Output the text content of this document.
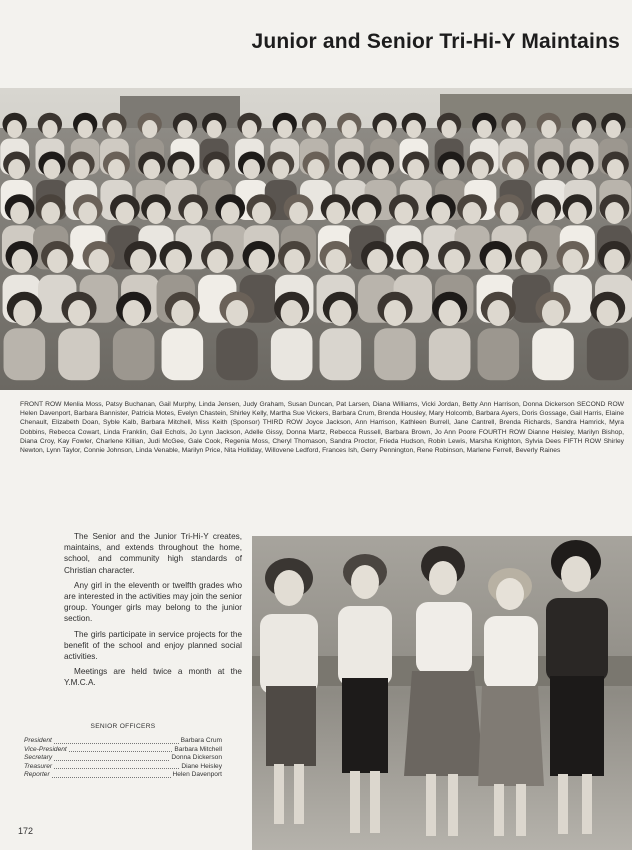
Junior and Senior Tri-Hi-Y Maintains

FRONT ROW Menlia Moss, Patsy Buchanan, Gail Murphy, Linda Jensen, Judy Graham, Susan Duncan, Pat Larsen, Diana Williams, Vicki Jordan, Betty Ann Harrison, Donna Dickerson SECOND ROW Helen Davenport, Barbara Bannister, Patricia Motes, Evelyn Chastein, Shirley Kelly, Martha Sue Vickers, Barbara Crum, Brenda Housley, Mary Holcomb, Barbara Ayers, Doris Gossage, Gail Harris, Elaine Chenault, Elizabeth Doan, Syble Kalb, Barbara Mitchell, Miss Keith (Sponsor) THIRD ROW Joyce Jackson, Ann Harrison, Kathleen Burrell, Jane Cantrell, Brenda Richards, Sandra Hamrick, Myra Dobbins, Rebecca Cowart, Linda Franklin, Gail Echols, Jo Lynn Jackson, Adelle Gissy, Donna Martz, Rebecca Russell, Barbara Brown, Jo Ann Poore FOURTH ROW Dianne Heisley, Marilyn Bishop, Diana Croy, Kay Fowler, Charlene Killian, Judi McGee, Gale Cook, Regenia Moss, Cheryl Thomason, Sandra Proctor, Frieda Hudson, Robin Lewis, Marsha Knighton, Sylvia Dees FIFTH ROW Shirley Newton, Lynn Taylor, Connie Johnson, Linda Venable, Marilyn Price, Nita Holliday, Willovene Ledford, Frances Ish, Gerry Pennington, Rene Robinson, Marlene Ferrell, Beverly Raines

The Senior and the Junior Tri-Hi-Y creates, maintains, and extends throughout the home, school, and community high standards of Christian character.

Any girl in the eleventh or twelfth grades who are interested in the activities may join the senior group. Younger girls may belong to the junior section.

The girls participate in service projects for the benefit of the school and enjoy planned social activities.

Meetings are held twice a month at the Y.M.C.A.

SENIOR OFFICERS
President	Barbara Crum
Vice-President	Barbara Mitchell
Secretary	Donna Dickerson
Treasurer	Diane Heisley
Reporter	Helen Davenport
172
